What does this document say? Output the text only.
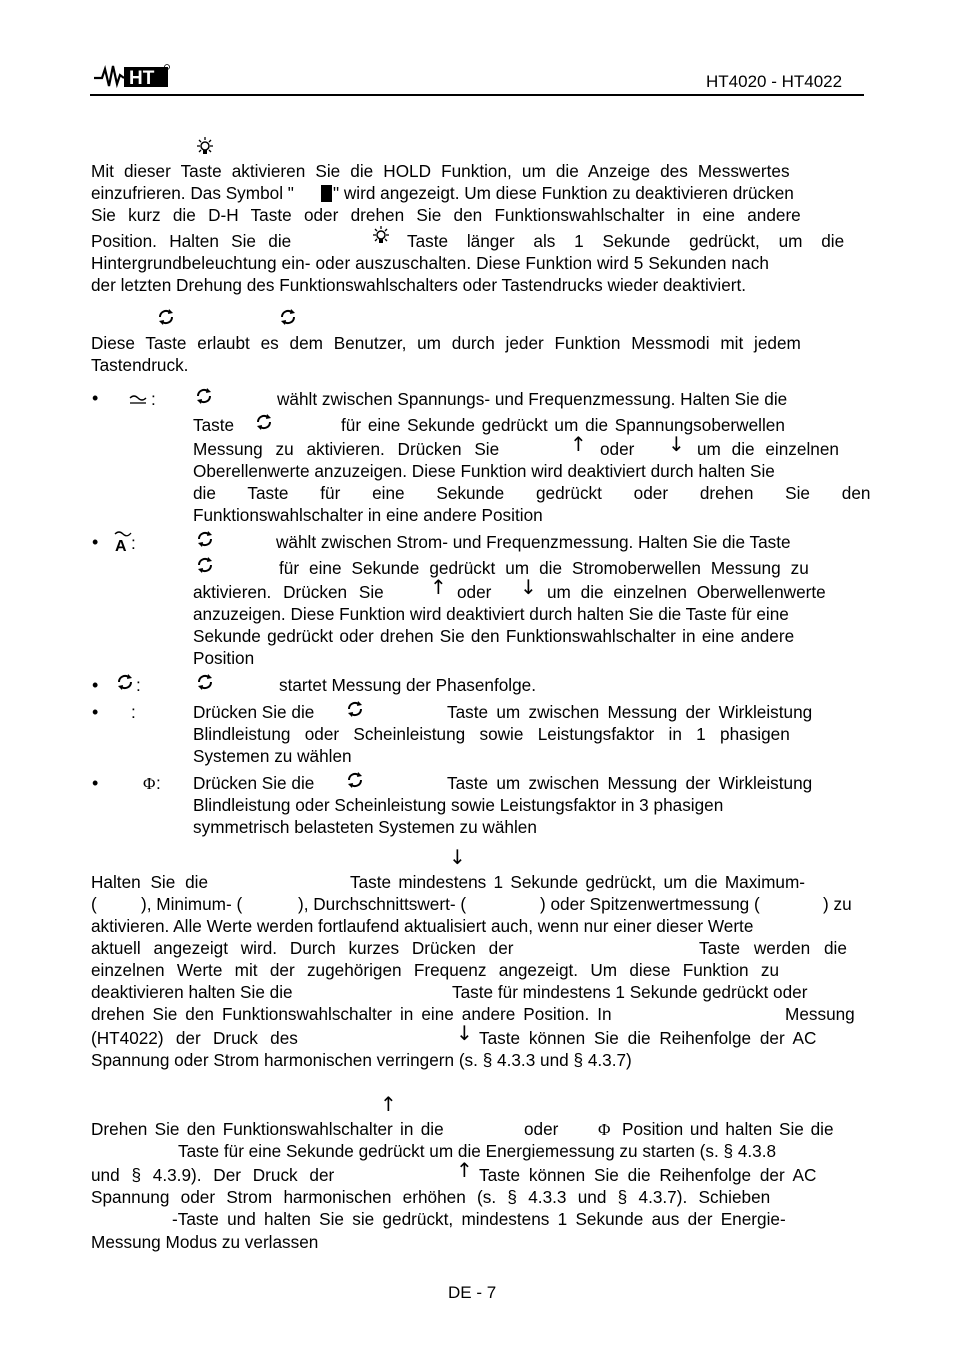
HT	HT4020 - HT4022
Mit dieser Taste aktivieren Sie die HOLD Funktion, um die Anzeige des Messwertes
einzufrieren. Das Symbol " " wird angezeigt. Um diese Funktion zu deaktivieren drücken
Sie kurz die D-H Taste oder drehen Sie den Funktionswahlschalter in eine andere
Position. Halten Sie die	Taste länger als 1 Sekunde gedrückt, um die
Hintergrundbeleuchtung ein- oder auszuschalten. Diese Funktion wird 5 Sekunden nach
der letzten Drehung des Funktionswahlschalters oder Tastendrucks wieder deaktiviert.
Diese Taste erlaubt es dem Benutzer, um durch jeder Funktion Messmodi mit jedem
Tastendruck.
•	:	wählt zwischen Spannungs- und Frequenzmessung. Halten Sie die
Taste	für eine Sekunde gedrückt um die Spannungsoberwellen
Messung zu aktivieren. Drücken Sie	↑ oder ↓ um die einzelnen
Oberellenwerte anzuzeigen. Diese Funktion wird deaktiviert durch halten Sie
die Taste für eine Sekunde gedrückt oder drehen Sie den
Funktionswahlschalter in eine andere Position
• A :	wählt zwischen Strom- und Frequenzmessung. Halten Sie die Taste
für eine Sekunde gedrückt um die Stromoberwellen Messung zu
aktivieren. Drücken Sie ↑ oder ↓ um die einzelnen Oberwellenwerte
anzuzeigen. Diese Funktion wird deaktiviert durch halten Sie die Taste für eine
Sekunde gedrückt oder drehen Sie den Funktionswahlschalter in eine andere
Position
• :	startet Messung der Phasenfolge.
• :	Drücken Sie die	Taste um zwischen Messung der Wirkleistung
Blindleistung oder Scheinleistung sowie Leistungsfaktor in 1 phasigen
Systemen zu wählen
•	Φ : Drücken Sie die	Taste um zwischen Messung der Wirkleistung
Blindleistung oder Scheinleistung sowie Leistungsfaktor in 3 phasigen
symmetrisch belasteten Systemen zu wählen
↓
Halten Sie die	Taste mindestens 1 Sekunde gedrückt, um die Maximum-
(	), Minimum- (	), Durchschnittswert- (	) oder Spitzenwertmessung (	) zu
aktivieren. Alle Werte werden fortlaufend aktualisiert auch, wenn nur einer dieser Werte
aktuell angezeigt wird. Durch kurzes Drücken der	Taste werden die
einzelnen Werte mit der zugehörigen Frequenz angezeigt. Um diese Funktion zu
deaktivieren halten Sie die	Taste für mindestens 1 Sekunde gedrückt oder
drehen Sie den Funktionswahlschalter in eine andere Position. In	Messung
(HT4022) der Druck des	↓ Taste können Sie die Reihenfolge der AC
Spannung oder Strom harmonischen verringern (s. § 4.3.3 und § 4.3.7)
↑
Drehen Sie den Funktionswahlschalter in die	oder Φ Position und halten Sie die
Taste für eine Sekunde gedrückt um die Energiemessung zu starten (s. § 4.3.8
und § 4.3.9). Der Druck der	↑ Taste können Sie die Reihenfolge der AC
Spannung oder Strom harmonischen erhöhen (s. § 4.3.3 und § 4.3.7). Schieben
-Taste und halten Sie sie gedrückt, mindestens 1 Sekunde aus der Energie-
Messung Modus zu verlassen
DE - 7
